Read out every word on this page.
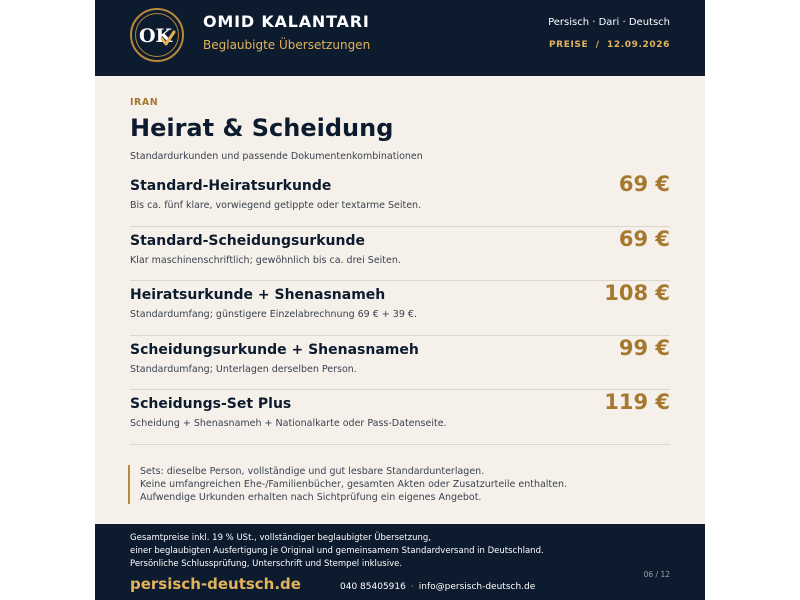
OK
OMID KALANTARI
Beglaubigte Übersetzungen
Persisch · Dari · Deutsch
PREISE  /  12.09.2026
IRAN
Heirat & Scheidung
Standardurkunden und passende Dokumentenkombinationen
Standard-Heiratsurkunde
Bis ca. fünf klare, vorwiegend getippte oder textarme Seiten.
69 €
Standard-Scheidungsurkunde
Klar maschinenschriftlich; gewöhnlich bis ca. drei Seiten.
69 €
Heiratsurkunde + Shenasnameh
Standardumfang; günstigere Einzelabrechnung 69 € + 39 €.
108 €
Scheidungsurkunde + Shenasnameh
Standardumfang; Unterlagen derselben Person.
99 €
Scheidungs-Set Plus
Scheidung + Shenasnameh + Nationalkarte oder Pass-Datenseite.
119 €
Sets: dieselbe Person, vollständige und gut lesbare Standardunterlagen.
Keine umfangreichen Ehe-/Familienbücher, gesamten Akten oder Zusatzurteile enthalten.
Aufwendige Urkunden erhalten nach Sichtprüfung ein eigenes Angebot.
Gesamtpreise inkl. 19 % USt., vollständiger beglaubigter Übersetzung,
einer beglaubigten Ausfertigung je Original und gemeinsamem Standardversand in Deutschland.
Persönliche Schlussprüfung, Unterschrift und Stempel inklusive.
persisch-deutsch.de	040 85405916 · info@persisch-deutsch.de
06 / 12
